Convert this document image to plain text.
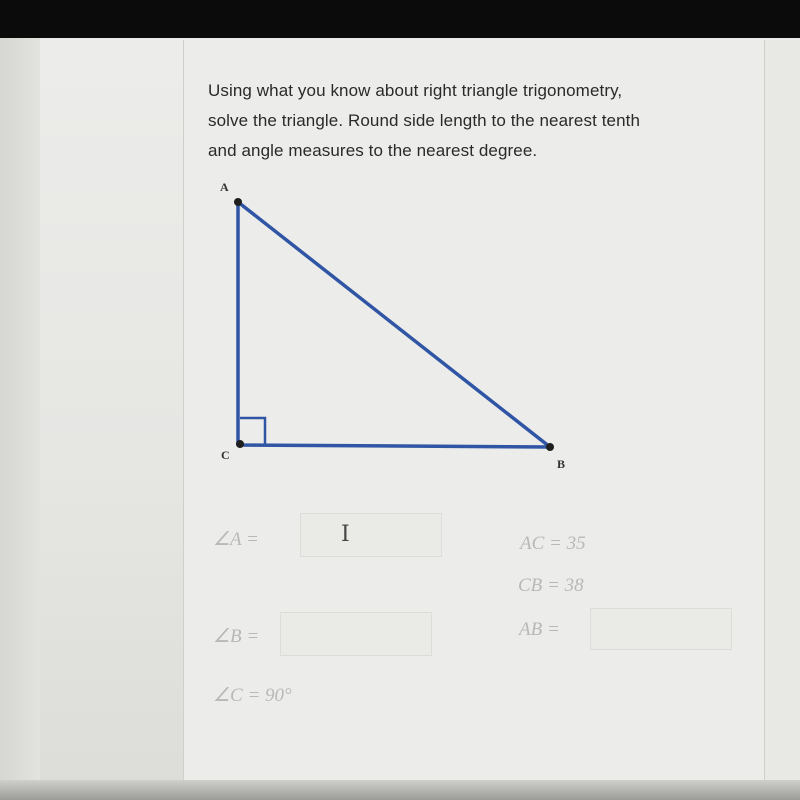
Using what you know about right triangle trigonometry,
solve the triangle. Round side length to the nearest tenth
and angle measures to the nearest degree.

A
C
B
∠A =	I	AC = 35
CB = 38
AB =
∠B =
∠C = 90°
